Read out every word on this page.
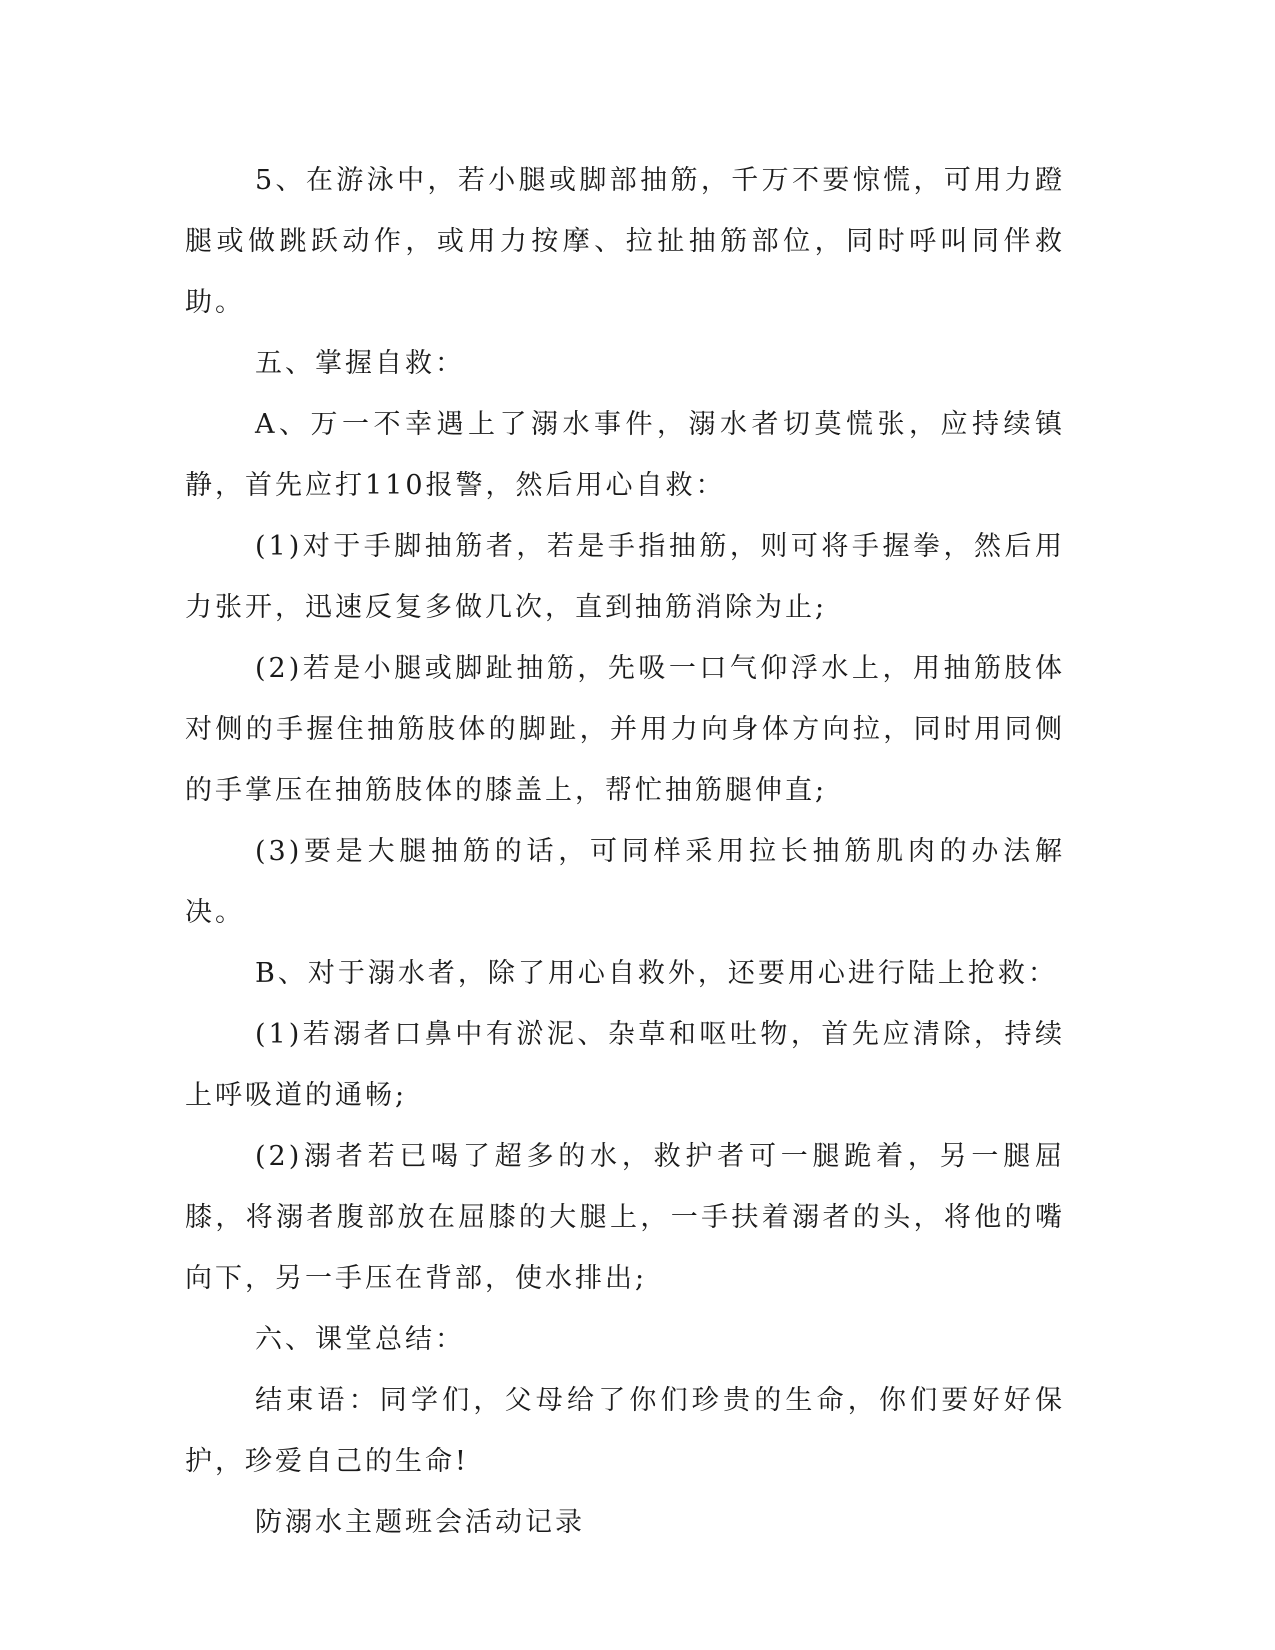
5、在游泳中，若小腿或脚部抽筋，千万不要惊慌，可用力蹬腿或做跳跃动作，或用力按摩、拉扯抽筋部位，同时呼叫同伴救助。

五、掌握自救：

A、万一不幸遇上了溺水事件，溺水者切莫慌张，应持续镇静，首先应打110报警，然后用心自救：

(1)对于手脚抽筋者，若是手指抽筋，则可将手握拳，然后用力张开，迅速反复多做几次，直到抽筋消除为止;

(2)若是小腿或脚趾抽筋，先吸一口气仰浮水上，用抽筋肢体对侧的手握住抽筋肢体的脚趾，并用力向身体方向拉，同时用同侧的手掌压在抽筋肢体的膝盖上，帮忙抽筋腿伸直;

(3)要是大腿抽筋的话，可同样采用拉长抽筋肌肉的办法解决。

B、对于溺水者，除了用心自救外，还要用心进行陆上抢救：

(1)若溺者口鼻中有淤泥、杂草和呕吐物，首先应清除，持续上呼吸道的通畅;

(2)溺者若已喝了超多的水，救护者可一腿跪着，另一腿屈膝，将溺者腹部放在屈膝的大腿上，一手扶着溺者的头，将他的嘴向下，另一手压在背部，使水排出;

六、课堂总结：

结束语：同学们，父母给了你们珍贵的生命，你们要好好保护，珍爱自己的生命!

防溺水主题班会活动记录
